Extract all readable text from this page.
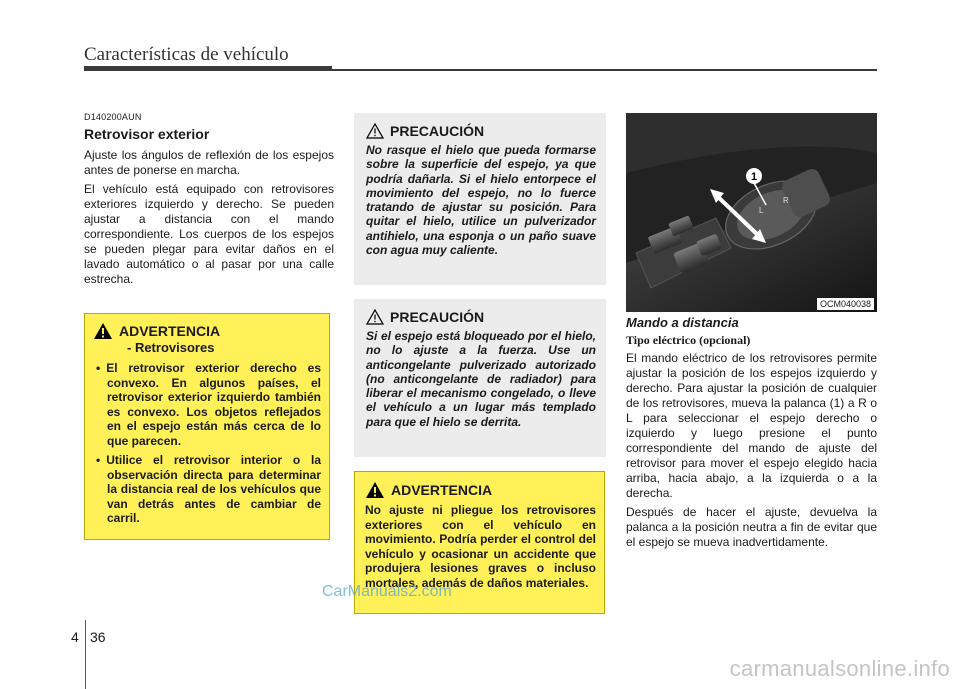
Características de vehículo
D140200AUN
Retrovisor exterior

Ajuste los ángulos de reflexión de los espejos antes de ponerse en marcha.

El vehículo está equipado con retrovisores exteriores izquierdo y derecho. Se pueden ajustar a distancia con el mando correspondiente. Los cuerpos de los espejos se pueden plegar para evitar daños en el lavado automático o al pasar por una calle estrecha.

ADVERTENCIA
- Retrovisores
• El retrovisor exterior derecho es convexo. En algunos países, el retrovisor exterior izquierdo también es convexo. Los objetos reflejados en el espejo están más cerca de lo que parecen.
• Utilice el retrovisor interior o la observación directa para determinar la distancia real de los vehículos que van detrás antes de cambiar de carril.
PRECAUCIÓN
No rasque el hielo que pueda formarse sobre la superficie del espejo, ya que podría dañarla. Si el hielo entorpece el movimiento del espejo, no lo fuerce tratando de ajustar su posición. Para quitar el hielo, utilice un pulverizador antihielo, una esponja o un paño suave con agua muy caliente.
PRECAUCIÓN
Si el espejo está bloqueado por el hielo, no lo ajuste a la fuerza. Use un anticongelante pulverizado autorizado (no anticongelante de radiador) para liberar el mecanismo congelado, o lleve el vehículo a un lugar más templado para que el hielo se derrita.
ADVERTENCIA
No ajuste ni pliegue los retrovisores exteriores con el vehículo en movimiento. Podría perder el control del vehículo y ocasionar un accidente que produjera lesiones graves o incluso mortales, además de daños materiales.
1
L
R
OCM040038
Mando a distancia
Tipo eléctrico (opcional)

El mando eléctrico de los retrovisores permite ajustar la posición de los espejos izquierdo y derecho. Para ajustar la posición de cualquier de los retrovisores, mueva la palanca (1) a R o L para seleccionar el espejo derecho o izquierdo y luego presione el punto correspondiente del mando de ajuste del retrovisor para mover el espejo elegido hacia arriba, hacia abajo, a la izquierda o a la derecha.

Después de hacer el ajuste, devuelva la palanca a la posición neutra a fin de evitar que el espejo se mueva inadvertidamente.

4 36
CarManuals2.com
carmanualsonline.info
